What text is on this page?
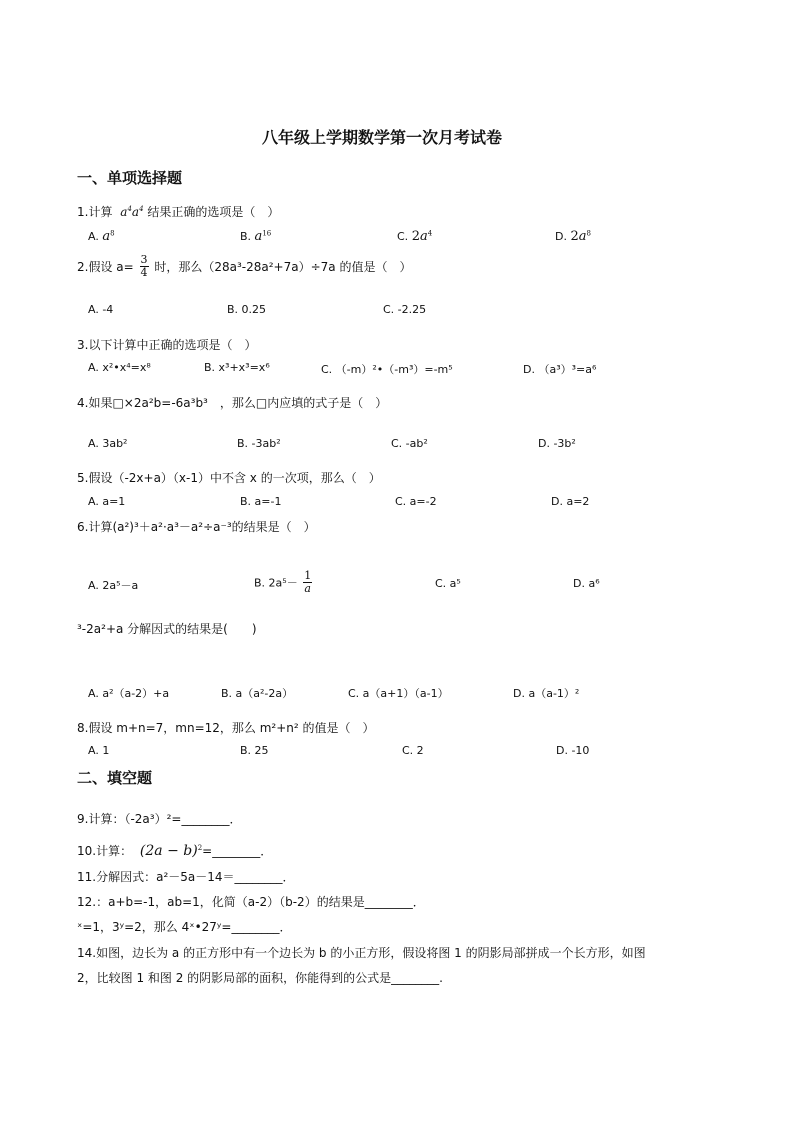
八年级上学期数学第一次月考试卷
一、单项选择题
1.计算 $a^4a^4$ 结果正确的选项是（　）
A. $a^8$	B. $a^{16}$	C. $2a^4$	D. $2a^8$
2.假设 $a= \frac{3}{4}$ 时，那么（28a³-28a²+7a）÷7a 的值是（　）
A. -4	B. 0.25	C. -2.25
3.以下计算中正确的选项是（　）
A. x²•x⁴=x⁸	B. x³+x³=x⁶	C. （-m）²•（-m³）=-m⁵	D. （a³）³=a⁶
4.如果□×2a²b=-6a³b³　，那么□内应填的式子是（　）
A. 3ab²	B. -3ab²	C. -ab²	D. -3b²
5.假设（-2x+a）（x-1）中不含 x 的一次项，那么（　）
A. a=1	B. a=-1	C. a=-2	D. a=2
6.计算(a²)³＋a²·a³－a²÷a⁻³的结果是（　）
A. 2a⁵－a	B. $2a^5- \frac{1}{a}$	C. a⁵	D. a⁶
³-2a²+a 分解因式的结果是(　　)
A. a²（a-2）+a	B. a（a²-2a）	C. a（a+1）（a-1）	D. a（a-1）²
8.假设 m+n=7，mn=12，那么 m²+n² 的值是（　）
A. 1	B. 25	C. 2	D. -10
二、填空题
9.计算：（-2a³）²=________．
10.计算： $(2a - b)^2=\_\_\_\_\_\_\_\_$．
11.分解因式：a²－5a－14＝________．
12.：a+b=-1，ab=1，化简（a-2）（b-2）的结果是________．
ˣ=1，3ʸ=2，那么 4ˣ•27ʸ=________．
14.如图，边长为 a 的正方形中有一个边长为 b 的小正方形，假设将图 1 的阴影局部拼成一个长方形，如图
2，比较图 1 和图 2 的阴影局部的面积，你能得到的公式是________.
